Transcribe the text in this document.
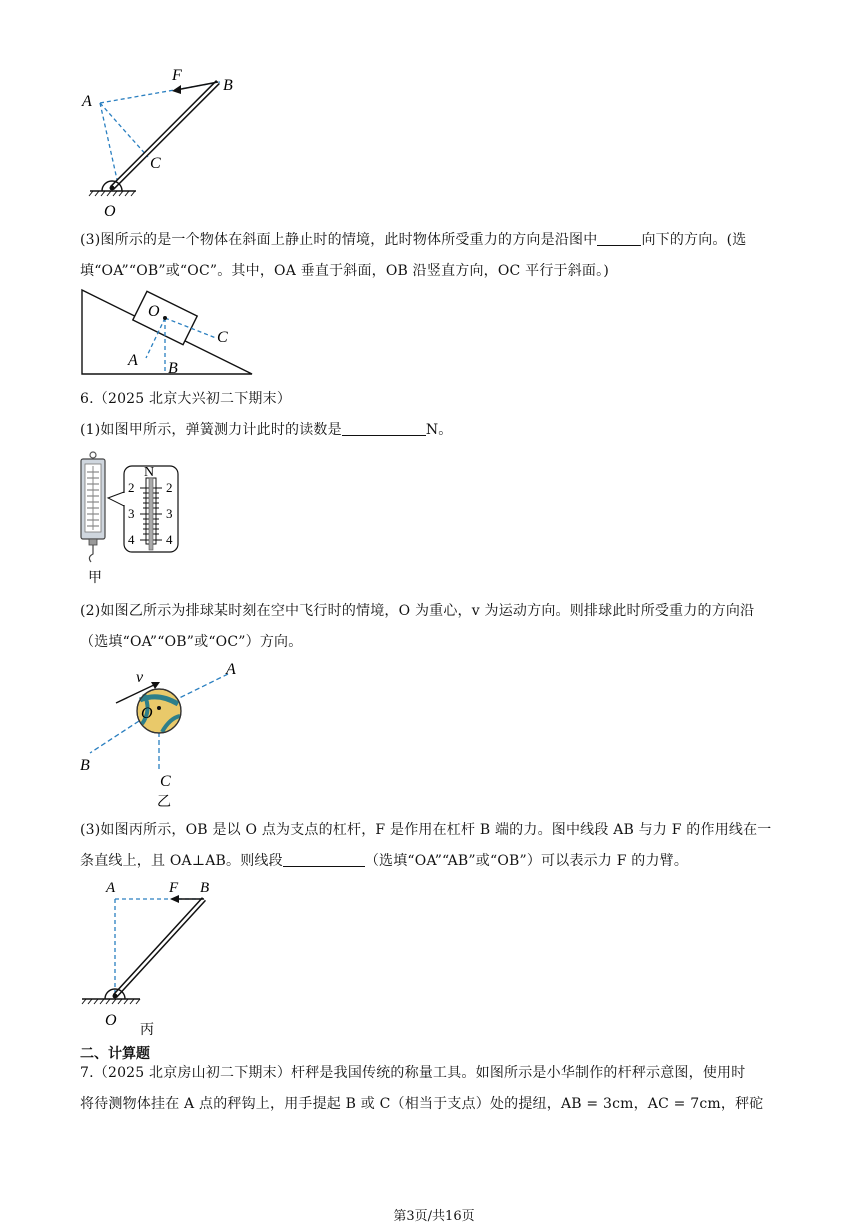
F
B
A
C
O
(3)图所示的是一个物体在斜面上静止时的情境，此时物体所受重力的方向是沿图中	向下的方向。(选
填“OA”“OB”或“OC”。其中，OA 垂直于斜面，OB 沿竖直方向，OC 平行于斜面。)
O
C
A B
6.（2025 北京大兴初二下期末）
(1)如图甲所示，弹簧测力计此时的读数是	N。
N
2
3
4
2
3
4
甲
(2)如图乙所示为排球某时刻在空中飞行时的情境，O 为重心，v 为运动方向。则排球此时所受重力的方向沿
（选填“OA”“OB”或“OC”）方向。
v
O
A
B
C
乙
(3)如图丙所示，OB 是以 O 点为支点的杠杆，F 是作用在杠杆 B 端的力。图中线段 AB 与力 F 的作用线在一
条直线上，且 OA⊥AB。则线段	（选填“OA”“AB”或“OB”）可以表示力 F 的力臂。
A	F B
O
丙
二、计算题
7.（2025 北京房山初二下期末）杆秤是我国传统的称量工具。如图所示是小华制作的杆秤示意图，使用时
将待测物体挂在 A 点的秤钩上，用手提起 B 或 C（相当于支点）处的提纽，AB = 3cm，AC = 7cm，秤砣
第3页/共16页
